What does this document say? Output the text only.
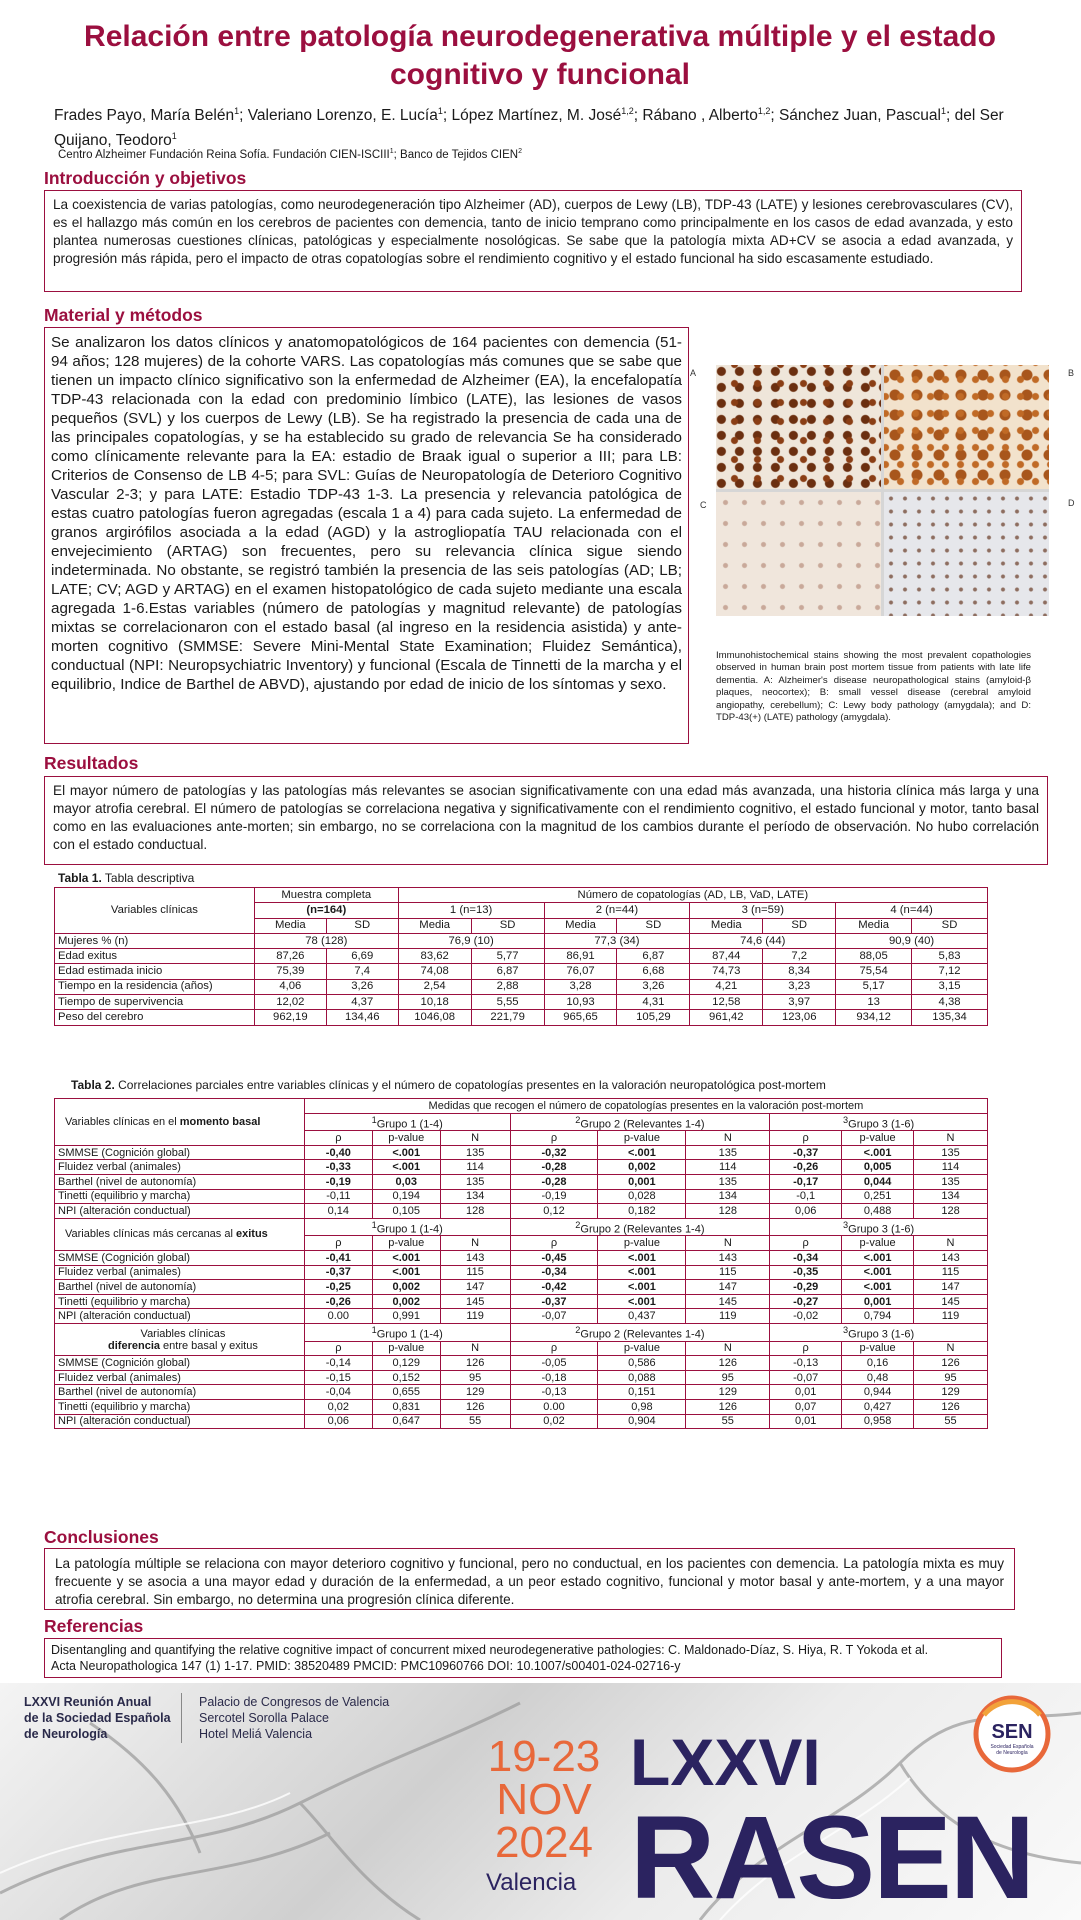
Relación entre patología neurodegenerativa múltiple y el estado cognitivo y funcional
Frades Payo, María Belén$^1$; Valeriano Lorenzo, E. Lucía$^1$; López Martínez, M. José$^{1,2}$; Rábano , Alberto$^{1,2}$; Sánchez Juan, Pascual$^1$; del Ser Quijano, Teodoro$^1$
Centro Alzheimer Fundación Reina Sofía. Fundación CIEN-ISCIII$^1$; Banco de Tejidos CIEN$^2$
Introducción y objetivos
La coexistencia de varias patologías, como neurodegeneración tipo Alzheimer (AD), cuerpos de Lewy (LB), TDP-43 (LATE) y lesiones cerebrovasculares (CV), es el hallazgo más común en los cerebros de pacientes con demencia, tanto de inicio temprano como principalmente en los casos de edad avanzada, y esto plantea numerosas cuestiones clínicas, patológicas y especialmente nosológicas. Se sabe que la patología mixta AD+CV se asocia a edad avanzada, y progresión más rápida, pero el impacto de otras copatologías sobre el rendimiento cognitivo y el estado funcional ha sido escasamente estudiado.
Material y métodos
Se analizaron los datos clínicos y anatomopatológicos de 164 pacientes con demencia (51-94 años; 128 mujeres) de la cohorte VARS. Las copatologías más comunes que se sabe que tienen un impacto clínico significativo son la enfermedad de Alzheimer (EA), la encefalopatía TDP-43 relacionada con la edad con predominio límbico (LATE), las lesiones de vasos pequeños (SVL) y los cuerpos de Lewy (LB). Se ha registrado la presencia de cada una de las principales copatologías, y se ha establecido su grado de relevancia Se ha considerado como clínicamente relevante para la EA: estadio de Braak igual o superior a III; para LB: Criterios de Consenso de LB 4-5; para SVL: Guías de Neuropatología de Deterioro Cognitivo Vascular 2-3; y para LATE: Estadio TDP-43 1-3. La presencia y relevancia patológica de estas cuatro patologías fueron agregadas (escala 1 a 4) para cada sujeto. La enfermedad de granos argirófilos asociada a la edad (AGD) y la astrogliopatía TAU relacionada con el envejecimiento (ARTAG) son frecuentes, pero su relevancia clínica sigue siendo indeterminada. No obstante, se registró también la presencia de las seis patologías (AD; LB; LATE; CV; AGD y ARTAG) en el examen histopatológico de cada sujeto mediante una escala agregada 1-6.Estas variables (número de patologías y magnitud relevante) de patologías mixtas se correlacionaron con el estado basal (al ingreso en la residencia asistida) y ante-morten cognitivo (SMMSE: Severe Mini-Mental State Examination; Fluidez Semántica), conductual (NPI: Neuropsychiatric Inventory) y funcional (Escala de Tinnetti de la marcha y el equilibrio, Indice de Barthel de ABVD), ajustando por edad de inicio de los síntomas y sexo.
A	B
C	D
Immunohistochemical stains showing the most prevalent copathologies observed in human brain post mortem tissue from patients with late life dementia. A: Alzheimer's disease neuropathological stains (amyloid-β plaques, neocortex); B: small vessel disease (cerebral amyloid angiopathy, cerebellum); C: Lewy body pathology (amygdala); and D: TDP-43(+) (LATE) pathology (amygdala).
Resultados
El mayor número de patologías y las patologías más relevantes se asocian significativamente con una edad más avanzada, una historia clínica más larga y una mayor atrofia cerebral. El número de patologías se correlaciona negativa y significativamente con el rendimiento cognitivo, el estado funcional y motor, tanto basal como en las evaluaciones ante-morten; sin embargo, no se correlaciona con la magnitud de los cambios durante el período de observación. No hubo correlación con el estado conductual.
Tabla 1. Tabla descriptiva
Variables clínicas	Muestra completa		Número de copatologías (AD, LB, VaD, LATE)							
	(n=164)		1 (n=13)		2 (n=44)		3 (n=59)		4 (n=44)	
	Media	SD	Media	SD	Media	SD	Media	SD	Media	SD
Mujeres % (n)	78 (128)		76,9 (10)		77,3 (34)		74,6 (44)		90,9 (40)	
Edad exitus	87,26	6,69	83,62	5,77	86,91	6,87	87,44	7,2	88,05	5,83
Edad estimada inicio	75,39	7,4	74,08	6,87	76,07	6,68	74,73	8,34	75,54	7,12
Tiempo en la residencia (años)	4,06	3,26	2,54	2,88	3,28	3,26	4,21	3,23	5,17	3,15
Tiempo de supervivencia	12,02	4,37	10,18	5,55	10,93	4,31	12,58	3,97	13	4,38
Peso del cerebro	962,19	134,46	1046,08	221,79	965,65	105,29	961,42	123,06	934,12	135,34
Tabla 2. Correlaciones parciales entre variables clínicas y el número de copatologías presentes en la valoración neuropatológica post-mortem
Variables clínicas en el momento basal	Medidas que recogen el número de copatologías presentes en la valoración post-mortem								
	$^1$Grupo 1 (1-4)			$^2$Grupo 2 (Relevantes 1-4)			$^3$Grupo 3 (1-6)		
	ρ	p-value	N	ρ	p-value	N	ρ	p-value	N
SMMSE (Cognición global)	-0,40	<.001	135	-0,32	<.001	135	-0,37	<.001	135
Fluidez verbal (animales)	-0,33	<.001	114	-0,28	0,002	114	-0,26	0,005	114
Barthel (nivel de autonomía)	-0,19	0,03	135	-0,28	0,001	135	-0,17	0,044	135
Tinetti (equilibrio y marcha)	-0,11	0,194	134	-0,19	0,028	134	-0,1	0,251	134
NPI (alteración conductual)	0,14	0,105	128	0,12	0,182	128	0,06	0,488	128
Variables clínicas más cercanas al exitus	$^1$Grupo 1 (1-4)			$^2$Grupo 2 (Relevantes 1-4)			$^3$Grupo 3 (1-6)		
	ρ	p-value	N	ρ	p-value	N	ρ	p-value	N
SMMSE (Cognición global)	-0,41	<.001	143	-0,45	<.001	143	-0,34	<.001	143
Fluidez verbal (animales)	-0,37	<.001	115	-0,34	<.001	115	-0,35	<.001	115
Barthel (nivel de autonomía)	-0,25	0,002	147	-0,42	<.001	147	-0,29	<.001	147
Tinetti (equilibrio y marcha)	-0,26	0,002	145	-0,37	<.001	145	-0,27	0,001	145
NPI (alteración conductual)	0.00	0,991	119	-0,07	0,437	119	-0,02	0,794	119
Variables clínicas
diferencia entre basal y exitus	$^1$Grupo 1 (1-4)			$^2$Grupo 2 (Relevantes 1-4)			$^3$Grupo 3 (1-6)		
	ρ	p-value	N	ρ	p-value	N	ρ	p-value	N
SMMSE (Cognición global)	-0,14	0,129	126	-0,05	0,586	126	-0,13	0,16	126
Fluidez verbal (animales)	-0,15	0,152	95	-0,18	0,088	95	-0,07	0,48	95
Barthel (nivel de autonomía)	-0,04	0,655	129	-0,13	0,151	129	0,01	0,944	129
Tinetti (equilibrio y marcha)	0,02	0,831	126	0.00	0,98	126	0,07	0,427	126
NPI (alteración conductual)	0,06	0,647	55	0,02	0,904	55	0,01	0,958	55
Conclusiones
La patología múltiple se relaciona con mayor deterioro cognitivo y funcional, pero no conductual, en los pacientes con demencia. La patología mixta es muy frecuente y se asocia a una mayor edad y duración de la enfermedad, a un peor estado cognitivo, funcional y motor basal y ante-mortem, y a una mayor atrofia cerebral. Sin embargo, no determina una progresión clínica diferente.
Referencias
Disentangling and quantifying the relative cognitive impact of concurrent mixed neurodegenerative pathologies: C. Maldonado-Díaz, S. Hiya, R. T Yokoda et al.
Acta Neuropathologica 147 (1) 1-17. PMID: 38520489 PMCID: PMC10960766 DOI: 10.1007/s00401-024-02716-y
LXXVI Reunión Anual
de la Sociedad Española
de Neurología
Palacio de Congresos de Valencia
Sercotel Sorolla Palace
Hotel Meliá Valencia	19-23
NOV
2024
Valencia
LXXVI
RASEN
SEN
Sociedad Española
de Neurología
